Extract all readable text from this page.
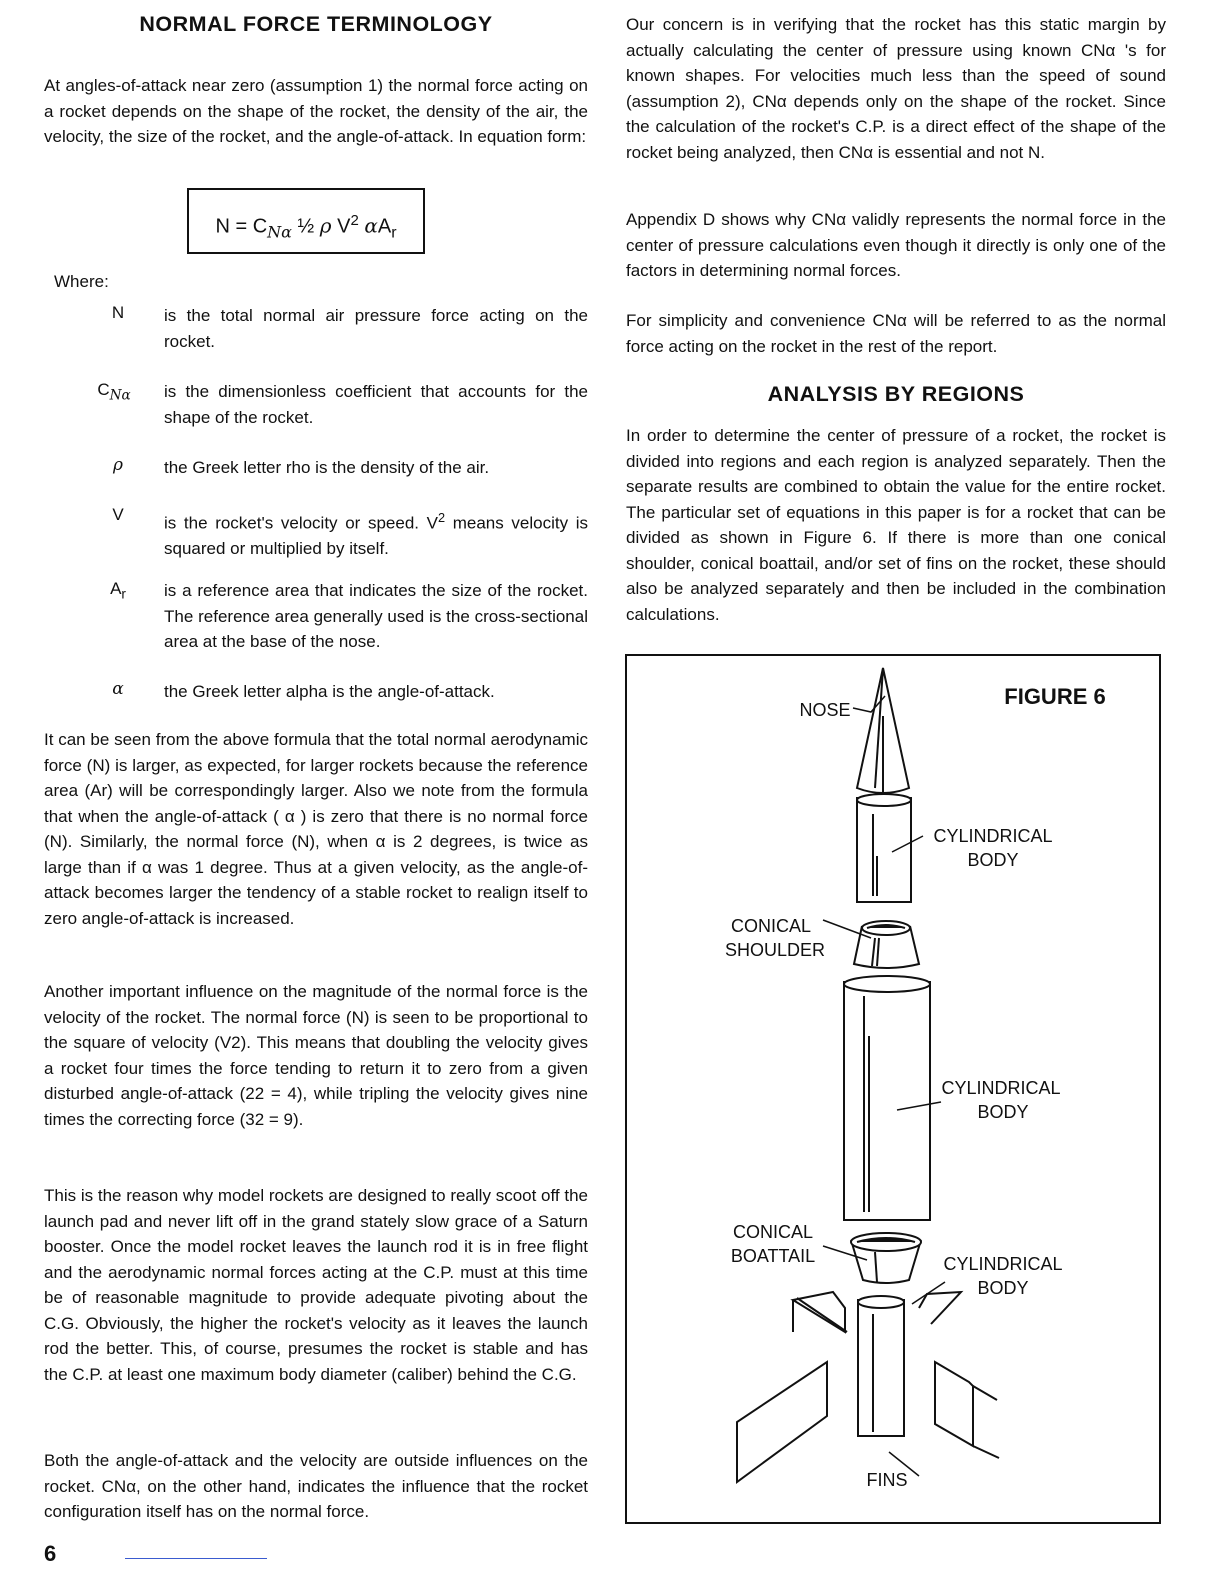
NORMAL FORCE TERMINOLOGY

At angles-of-attack near zero (assumption 1) the normal force acting on a rocket depends on the shape of the rocket, the density of the air, the velocity, the size of the rocket, and the angle-of-attack. In equation form:

$N = C_{N\alpha}$ ½ ρ $V^2$ $\alpha A_r$
Where:
N	is the total normal air pressure force acting on the rocket.
$C_{N\alpha}$ is the dimensionless coefficient that accounts for the shape of the rocket.
ρ	the Greek letter rho is the density of the air.
V	is the rocket's velocity or speed. $V^2$ means velocity is squared or multiplied by itself.
$A_r$	is a reference area that indicates the size of the rocket. The reference area generally used is the cross-sectional area at the base of the nose.
α	the Greek letter alpha is the angle-of-attack.

It can be seen from the above formula that the total normal aerodynamic force (N) is larger, as expected, for larger rockets because the reference area (Ar) will be correspondingly larger. Also we note from the formula that when the angle-of-attack ( α ) is zero that there is no normal force (N). Similarly, the normal force (N), when α is 2 degrees, is twice as large than if α was 1 degree. Thus at a given velocity, as the angle-of-attack becomes larger the tendency of a stable rocket to realign itself to zero angle-of-attack is increased.

Another important influence on the magnitude of the normal force is the velocity of the rocket. The normal force (N) is seen to be proportional to the square of velocity (V2). This means that doubling the velocity gives a rocket four times the force tending to return it to zero from a given disturbed angle-of-attack (22 = 4), while tripling the velocity gives nine times the correcting force (32 = 9).

This is the reason why model rockets are designed to really scoot off the launch pad and never lift off in the grand stately slow grace of a Saturn booster. Once the model rocket leaves the launch rod it is in free flight and the aerodynamic normal forces acting at the C.P. must at this time be of reasonable magnitude to provide adequate pivoting about the C.G. Obviously, the higher the rocket's velocity as it leaves the launch rod the better. This, of course, presumes the rocket is stable and has the C.P. at least one maximum body diameter (caliber) behind the C.G.

Both the angle-of-attack and the velocity are outside influences on the rocket. CNα, on the other hand, indicates the influence that the rocket configuration itself has on the normal force.

Our concern is in verifying that the rocket has this static margin by actually calculating the center of pressure using known CNα 's for known shapes. For velocities much less than the speed of sound (assumption 2), CNα depends only on the shape of the rocket. Since the calculation of the rocket's C.P. is a direct effect of the shape of the rocket being analyzed, then CNα is essential and not N.

Appendix D shows why CNα validly represents the normal force in the center of pressure calculations even though it directly is only one of the factors in determining normal forces.

For simplicity and convenience CNα will be referred to as the normal force acting on the rocket in the rest of the report.

ANALYSIS BY REGIONS

In order to determine the center of pressure of a rocket, the rocket is divided into regions and each region is analyzed separately. Then the separate results are combined to obtain the value for the entire rocket. The particular set of equations in this paper is for a rocket that can be divided as shown in Figure 6. If there is more than one conical shoulder, conical boattail, and/or set of fins on the rocket, these should also be analyzed separately and then be included in the combination calculations.

FIGURE 6
NOSE
CYLINDRICAL
BODY
CONICAL
SHOULDER
CYLINDRICAL
BODY
CONICAL
BOATTAIL	CYLINDRICAL
BODY
FINS
6
